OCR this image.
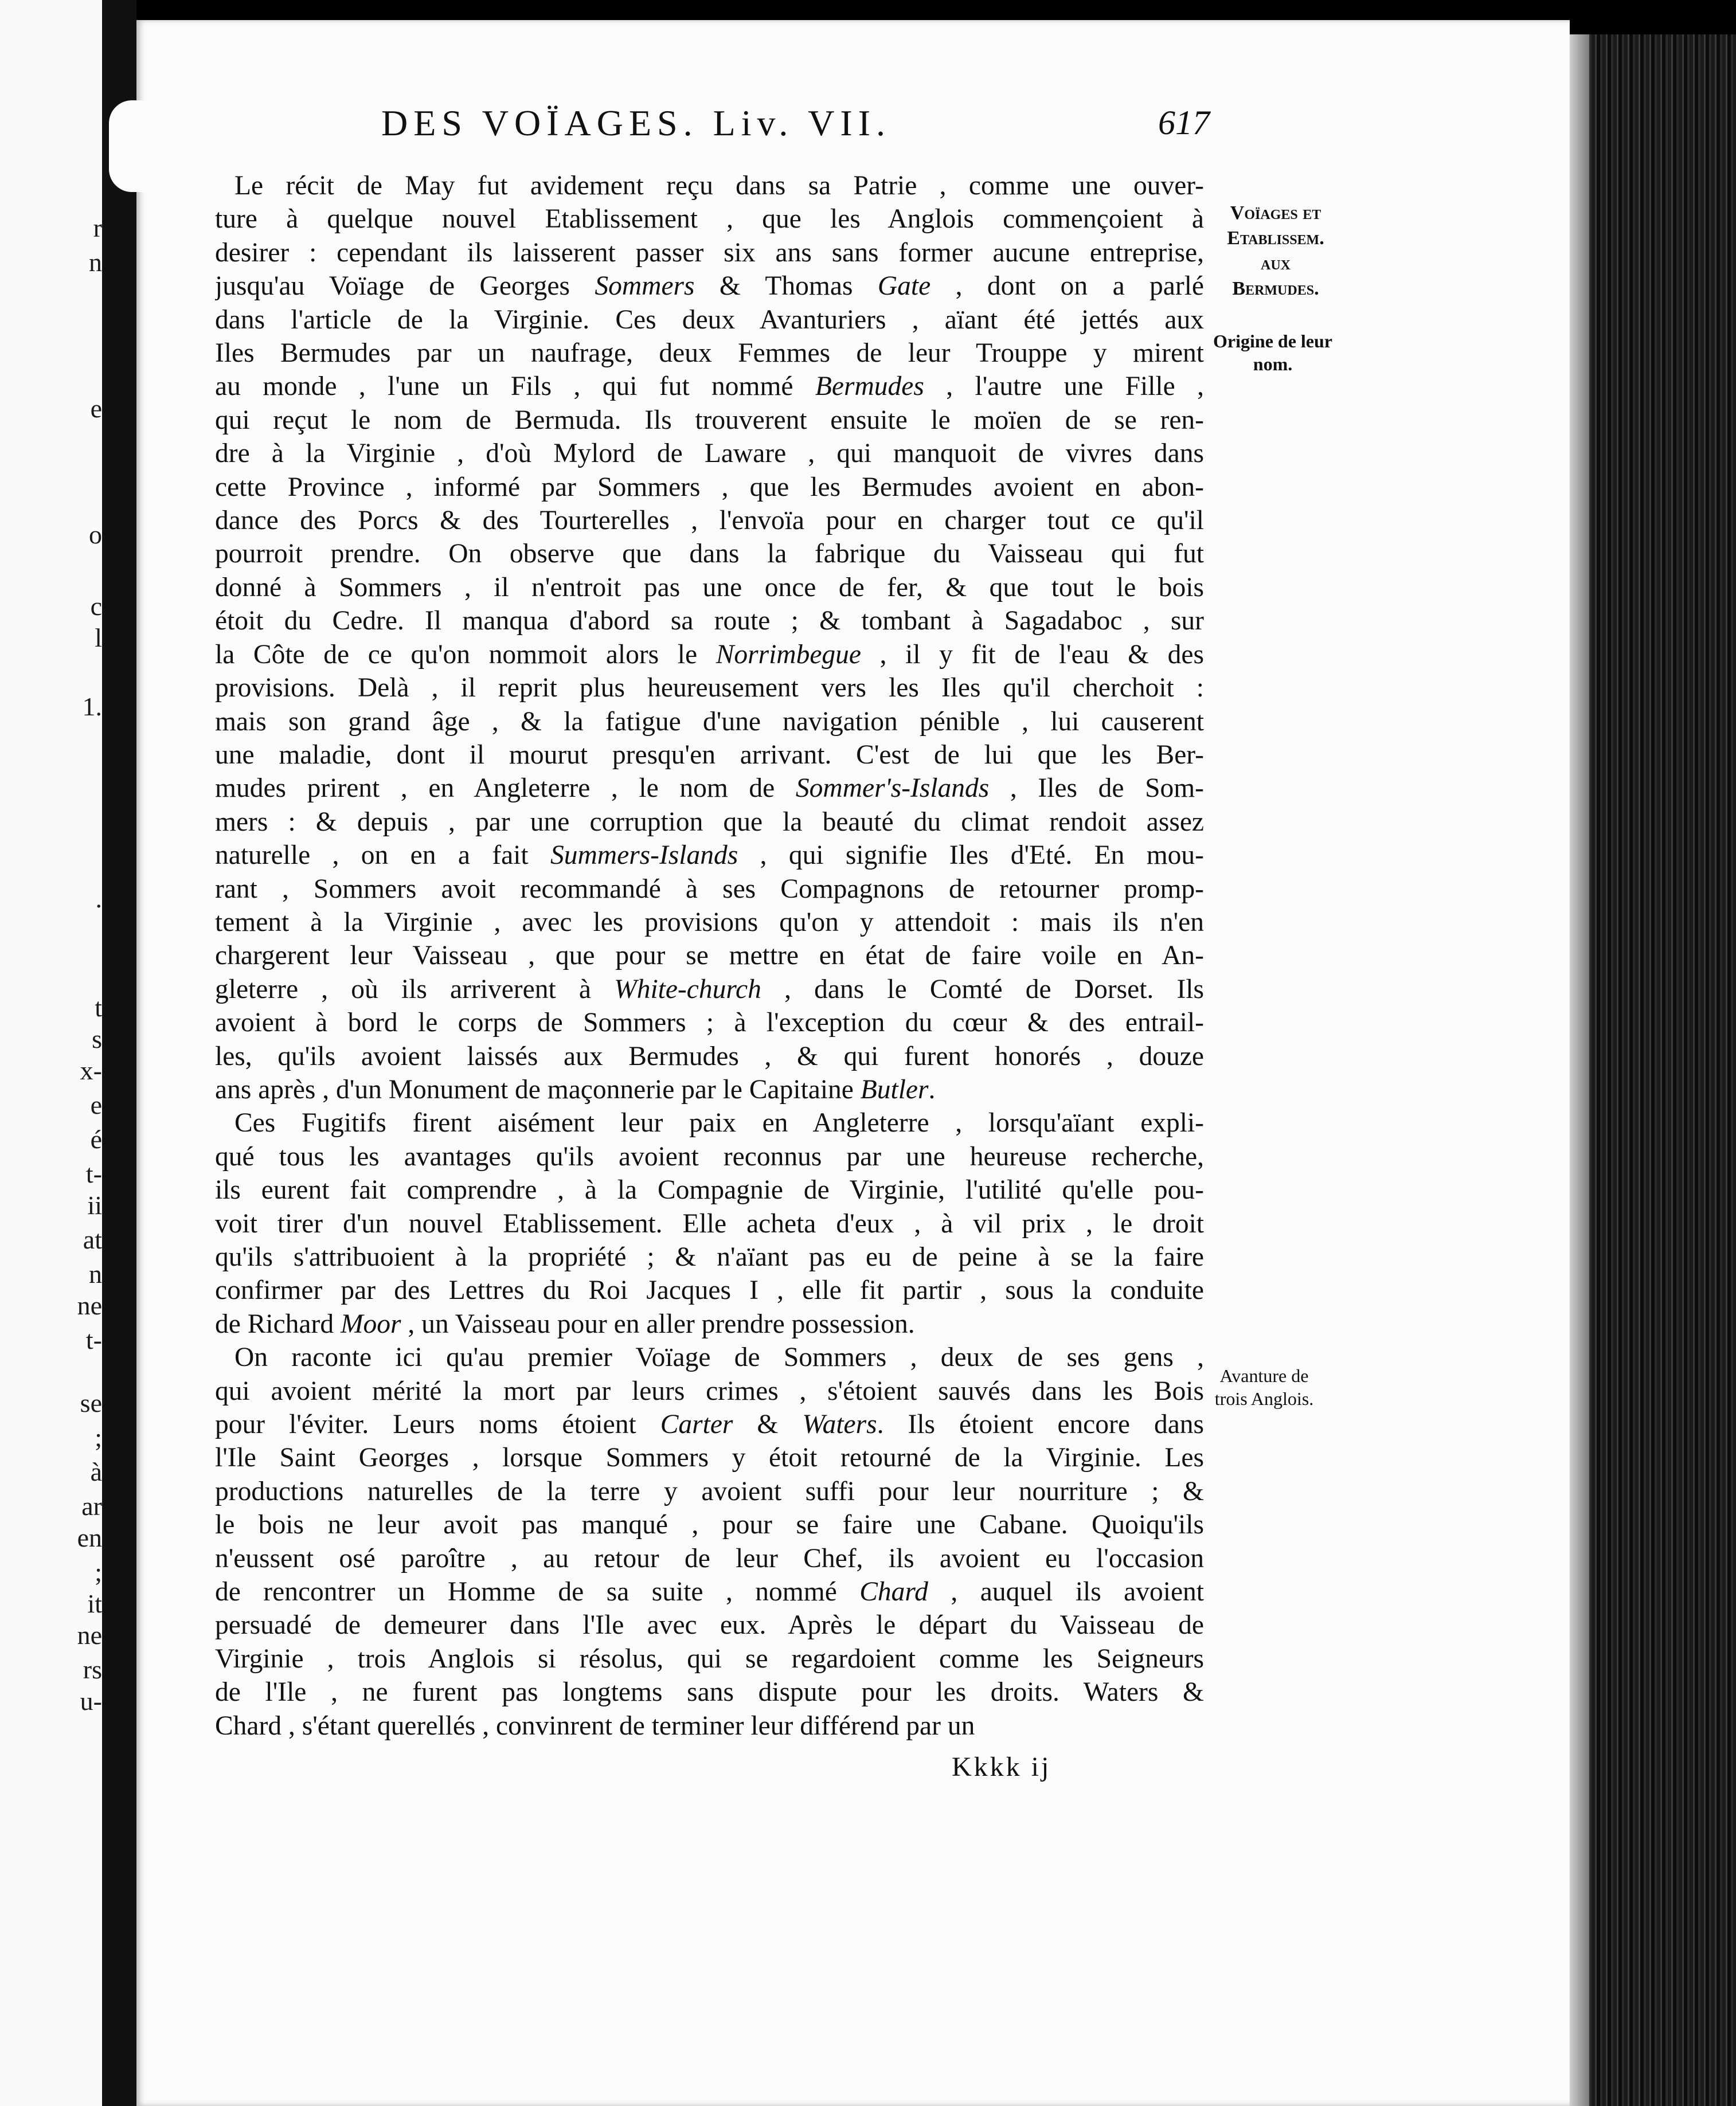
r
n
e
o
c
l
1.
.
t
s
x-
e
é
t-
ii
at
n
ne
t-
se
;
à
ar
en
;
it
ne
rs
u-
DES VOÏAGES. Liv. VII.	617
Le récit de May fut avidement reçu dans sa Patrie , comme une ouver-
ture à quelque nouvel Etablissement , que les Anglois commençoient à
desirer : cependant ils laisserent passer six ans sans former aucune entreprise,
jusqu'au Voïage de Georges Sommers & Thomas Gate , dont on a parlé
dans l'article de la Virginie. Ces deux Avanturiers , aïant été jettés aux
Iles Bermudes par un naufrage, deux Femmes de leur Trouppe y mirent
au monde , l'une un Fils , qui fut nommé Bermudes , l'autre une Fille ,
qui reçut le nom de Bermuda. Ils trouverent ensuite le moïen de se ren-
dre à la Virginie , d'où Mylord de Laware , qui manquoit de vivres dans
cette Province , informé par Sommers , que les Bermudes avoient en abon-
dance des Porcs & des Tourterelles , l'envoïa pour en charger tout ce qu'il
pourroit prendre. On observe que dans la fabrique du Vaisseau qui fut
donné à Sommers , il n'entroit pas une once de fer, & que tout le bois
étoit du Cedre. Il manqua d'abord sa route ; & tombant à Sagadaboc , sur
la Côte de ce qu'on nommoit alors le Norrimbegue , il y fit de l'eau & des
provisions. Delà , il reprit plus heureusement vers les Iles qu'il cherchoit :
mais son grand âge , & la fatigue d'une navigation pénible , lui causerent
une maladie, dont il mourut presqu'en arrivant. C'est de lui que les Ber-
mudes prirent , en Angleterre , le nom de Sommer's-Islands , Iles de Som-
mers : & depuis , par une corruption que la beauté du climat rendoit assez
naturelle , on en a fait Summers-Islands , qui signifie Iles d'Eté. En mou-
rant , Sommers avoit recommandé à ses Compagnons de retourner promp-
tement à la Virginie , avec les provisions qu'on y attendoit : mais ils n'en
chargerent leur Vaisseau , que pour se mettre en état de faire voile en An-
gleterre , où ils arriverent à White-church , dans le Comté de Dorset. Ils
avoient à bord le corps de Sommers ; à l'exception du cœur & des entrail-
les, qu'ils avoient laissés aux Bermudes , & qui furent honorés , douze
ans après , d'un Monument de maçonnerie par le Capitaine Butler.
Ces Fugitifs firent aisément leur paix en Angleterre , lorsqu'aïant expli-
qué tous les avantages qu'ils avoient reconnus par une heureuse recherche,
ils eurent fait comprendre , à la Compagnie de Virginie, l'utilité qu'elle pou-
voit tirer d'un nouvel Etablissement. Elle acheta d'eux , à vil prix , le droit
qu'ils s'attribuoient à la propriété ; & n'aïant pas eu de peine à se la faire
confirmer par des Lettres du Roi Jacques I , elle fit partir , sous la conduite
de Richard Moor , un Vaisseau pour en aller prendre possession.
On raconte ici qu'au premier Voïage de Sommers , deux de ses gens ,
qui avoient mérité la mort par leurs crimes , s'étoient sauvés dans les Bois
pour l'éviter. Leurs noms étoient Carter & Waters. Ils étoient encore dans
l'Ile Saint Georges , lorsque Sommers y étoit retourné de la Virginie. Les
productions naturelles de la terre y avoient suffi pour leur nourriture ; &
le bois ne leur avoit pas manqué , pour se faire une Cabane. Quoiqu'ils
n'eussent osé paroître , au retour de leur Chef, ils avoient eu l'occasion
de rencontrer un Homme de sa suite , nommé Chard , auquel ils avoient
persuadé de demeurer dans l'Ile avec eux. Après le départ du Vaisseau de
Virginie , trois Anglois si résolus, qui se regardoient comme les Seigneurs
de l'Ile , ne furent pas longtems sans dispute pour les droits. Waters &
Chard , s'étant querellés , convinrent de terminer leur différend par un
Voïages et
Etablissem.
aux
Bermudes.
Origine de leur
nom.
Avanture de
trois Anglois.
Kkkk ij
